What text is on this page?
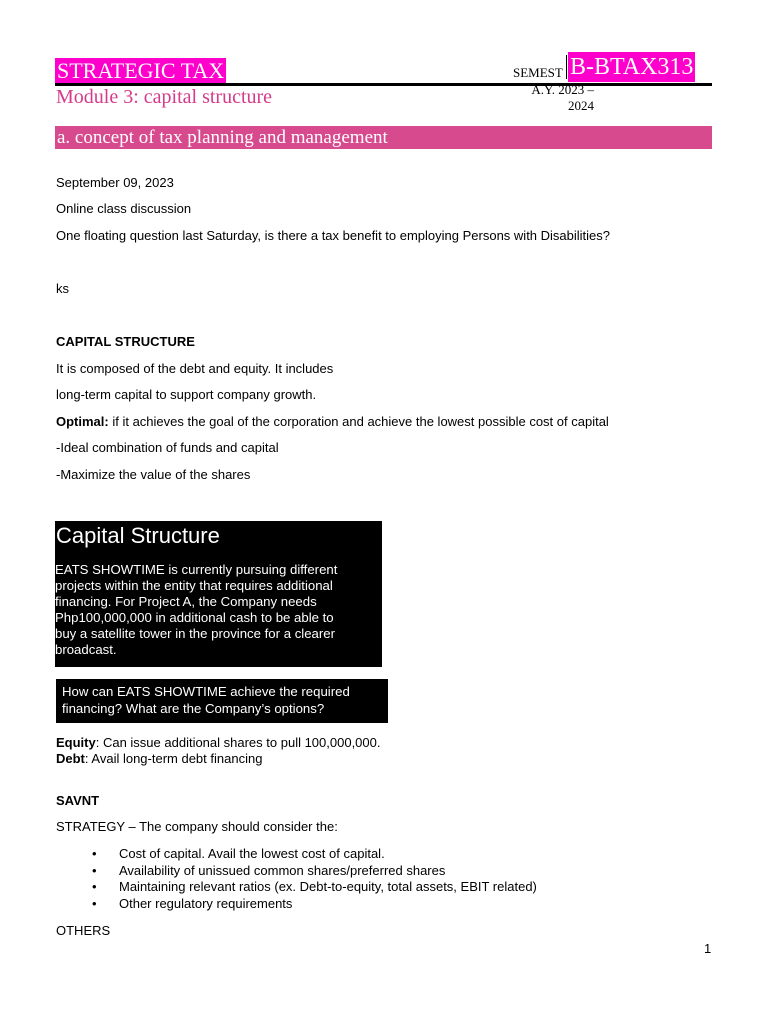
STRATEGIC TAX	SEMEST B-BTAX313
A.Y. 2023 –
2024
Module 3: capital structure
a. concept of tax planning and management
September 09, 2023
Online class discussion
One floating question last Saturday, is there a tax benefit to employing Persons with Disabilities?
ks
CAPITAL STRUCTURE
It is composed of the debt and equity. It includes
long-term capital to support company growth.
Optimal: if it achieves the goal of the corporation and achieve the lowest possible cost of capital
-Ideal combination of funds and capital
-Maximize the value of the shares
Capital Structure
EATS SHOWTIME is currently pursuing different
projects within the entity that requires additional
financing. For Project A, the Company needs
Php100,000,000 in additional cash to be able to
buy a satellite tower in the province for a clearer
broadcast.
How can EATS SHOWTIME achieve the required
financing? What are the Company’s options?
Equity: Can issue additional shares to pull 100,000,000.
Debt: Avail long-term debt financing
SAVNT
STRATEGY – The company should consider the:
• Cost of capital. Avail the lowest cost of capital.
• Availability of unissued common shares/preferred shares
• Maintaining relevant ratios (ex. Debt-to-equity, total assets, EBIT related)
• Other regulatory requirements
OTHERS
1
